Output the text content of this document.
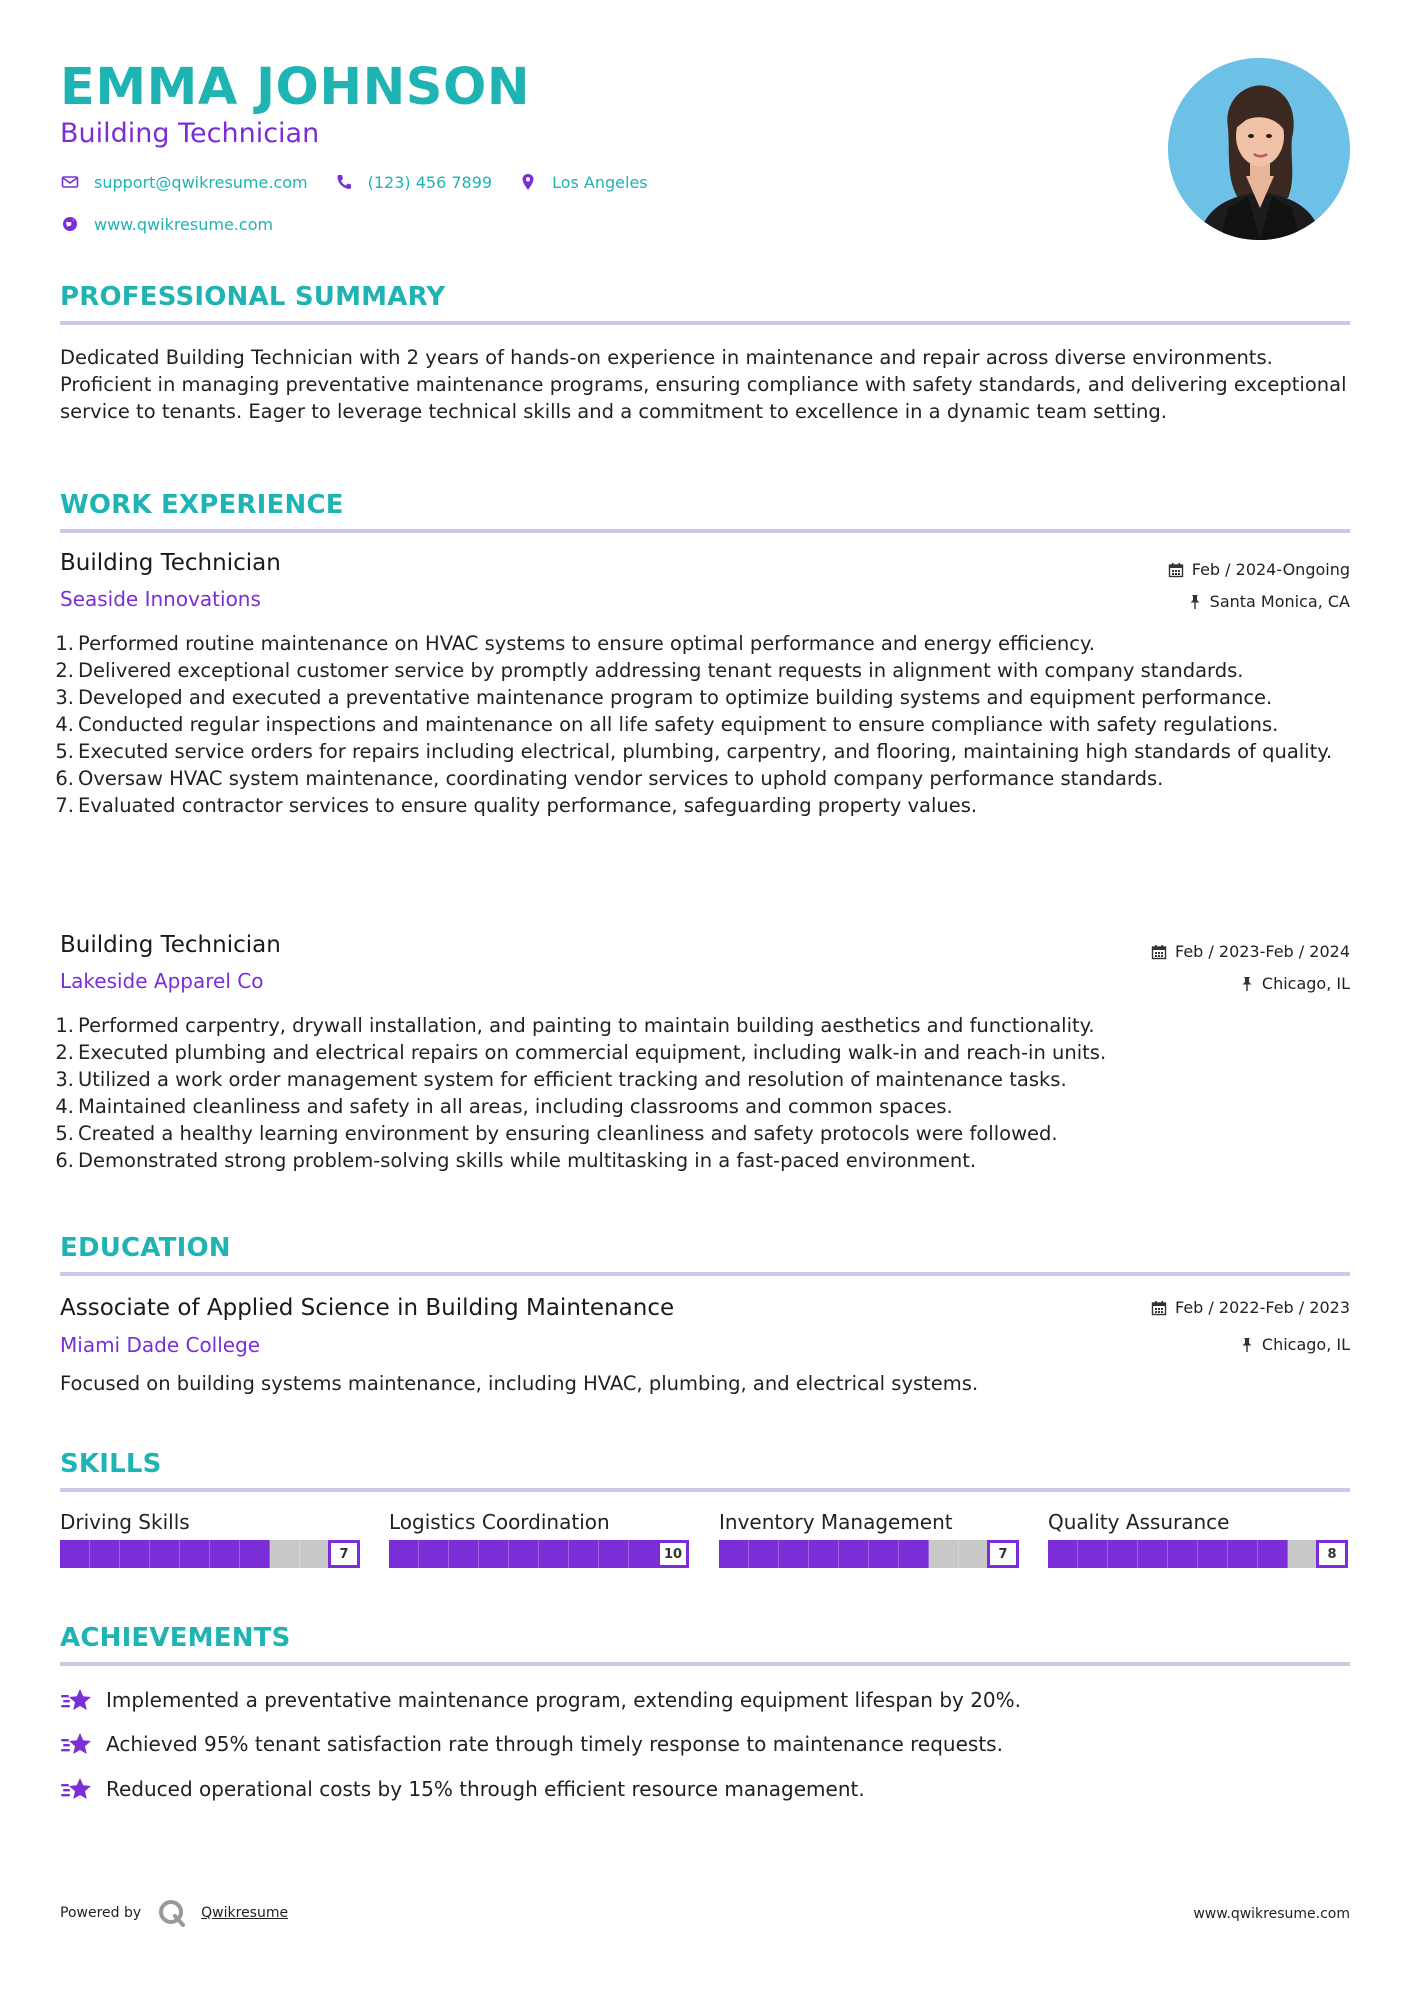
EMMA JOHNSON
Building Technician
support@qwikresume.com	(123) 456 7899	Los Angeles
www.qwikresume.com
PROFESSIONAL SUMMARY
Dedicated Building Technician with 2 years of hands-on experience in maintenance and repair across diverse environments. Proficient in managing preventative maintenance programs, ensuring compliance with safety standards, and delivering exceptional service to tenants. Eager to leverage technical skills and a commitment to excellence in a dynamic team setting.
WORK EXPERIENCE
Building Technician	Feb / 2024-Ongoing
Seaside Innovations	Santa Monica, CA
1. Performed routine maintenance on HVAC systems to ensure optimal performance and energy efficiency.
2. Delivered exceptional customer service by promptly addressing tenant requests in alignment with company standards.
3. Developed and executed a preventative maintenance program to optimize building systems and equipment performance.
4. Conducted regular inspections and maintenance on all life safety equipment to ensure compliance with safety regulations.
5. Executed service orders for repairs including electrical, plumbing, carpentry, and flooring, maintaining high standards of quality.
6. Oversaw HVAC system maintenance, coordinating vendor services to uphold company performance standards.
7. Evaluated contractor services to ensure quality performance, safeguarding property values.
Building Technician	Feb / 2023-Feb / 2024
Lakeside Apparel Co	Chicago, IL
1. Performed carpentry, drywall installation, and painting to maintain building aesthetics and functionality.
2. Executed plumbing and electrical repairs on commercial equipment, including walk-in and reach-in units.
3. Utilized a work order management system for efficient tracking and resolution of maintenance tasks.
4. Maintained cleanliness and safety in all areas, including classrooms and common spaces.
5. Created a healthy learning environment by ensuring cleanliness and safety protocols were followed.
6. Demonstrated strong problem-solving skills while multitasking in a fast-paced environment.
EDUCATION
Associate of Applied Science in Building Maintenance	Feb / 2022-Feb / 2023
Miami Dade College	Chicago, IL
Focused on building systems maintenance, including HVAC, plumbing, and electrical systems.
SKILLS
Driving Skills
7
Logistics Coordination
10
Inventory Management
7
Quality Assurance
8
ACHIEVEMENTS
Implemented a preventative maintenance program, extending equipment lifespan by 20%.
Achieved 95% tenant satisfaction rate through timely response to maintenance requests.
Reduced operational costs by 15% through efficient resource management.
Powered by	Qwikresume	www.qwikresume.com
